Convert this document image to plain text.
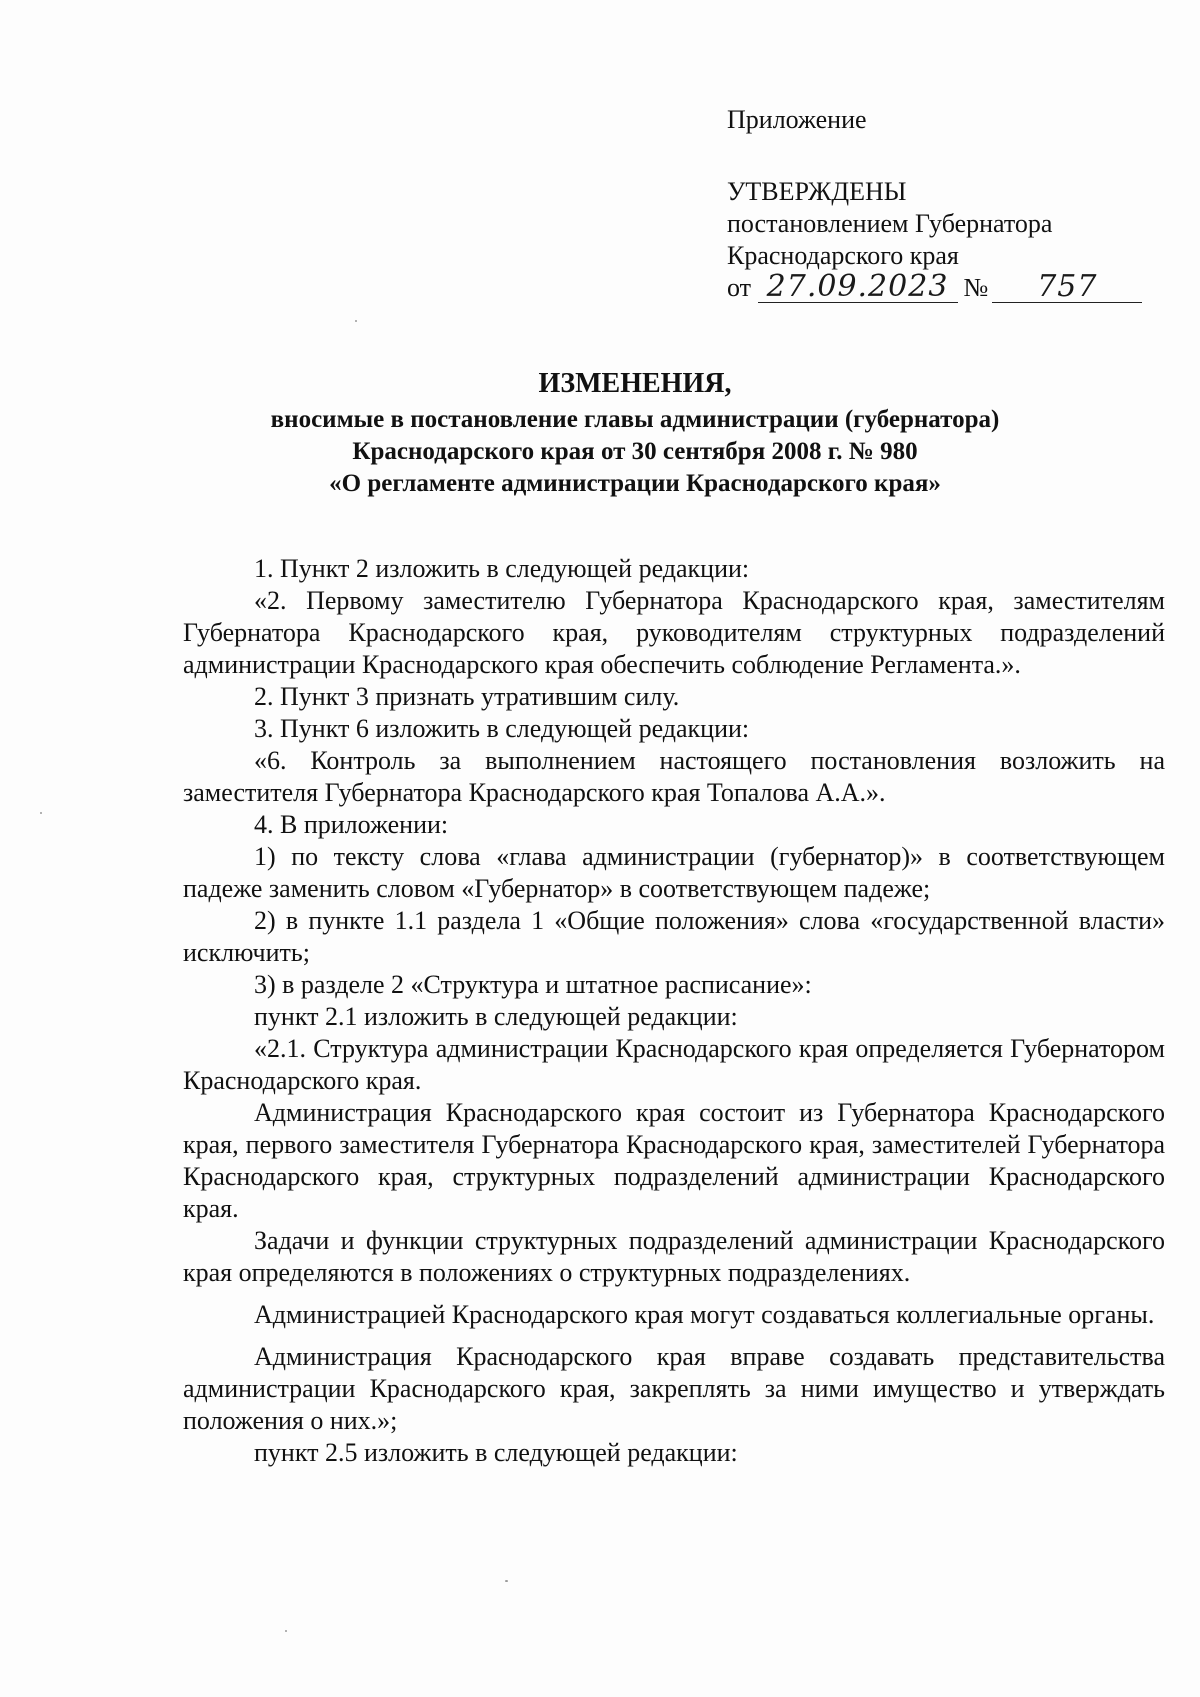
Приложение
УТВЕРЖДЕНЫ
постановлением Губернатора
Краснодарского края
от 27.09.2023 № 757
ИЗМЕНЕНИЯ,
вносимые в постановление главы администрации (губернатора)
Краснодарского края от 30 сентября 2008 г. № 980
«О регламенте администрации Краснодарского края»

1. Пункт 2 изложить в следующей редакции:

«2. Первому заместителю Губернатора Краснодарского края, заместителям Губернатора Краснодарского края, руководителям структурных подразделений администрации Краснодарского края обеспечить соблюдение Регламента.».

2. Пункт 3 признать утратившим силу.

3. Пункт 6 изложить в следующей редакции:

«6. Контроль за выполнением настоящего постановления возложить на заместителя Губернатора Краснодарского края Топалова А.А.».

4. В приложении:

1) по тексту слова «глава администрации (губернатор)» в соответствующем падеже заменить словом «Губернатор» в соответствующем падеже;

2) в пункте 1.1 раздела 1 «Общие положения» слова «государственной власти» исключить;

3) в разделе 2 «Структура и штатное расписание»:

пункт 2.1 изложить в следующей редакции:

«2.1. Структура администрации Краснодарского края определяется Губернатором Краснодарского края.

Администрация Краснодарского края состоит из Губернатора Краснодарского края, первого заместителя Губернатора Краснодарского края, заместителей Губернатора Краснодарского края, структурных подразделений администрации Краснодарского края.

Задачи и функции структурных подразделений администрации Краснодарского края определяются в положениях о структурных подразделениях.

Администрацией Краснодарского края могут создаваться коллегиальные органы.

Администрация Краснодарского края вправе создавать представительства администрации Краснодарского края, закреплять за ними имущество и утверждать положения о них.»;

пункт 2.5 изложить в следующей редакции:
